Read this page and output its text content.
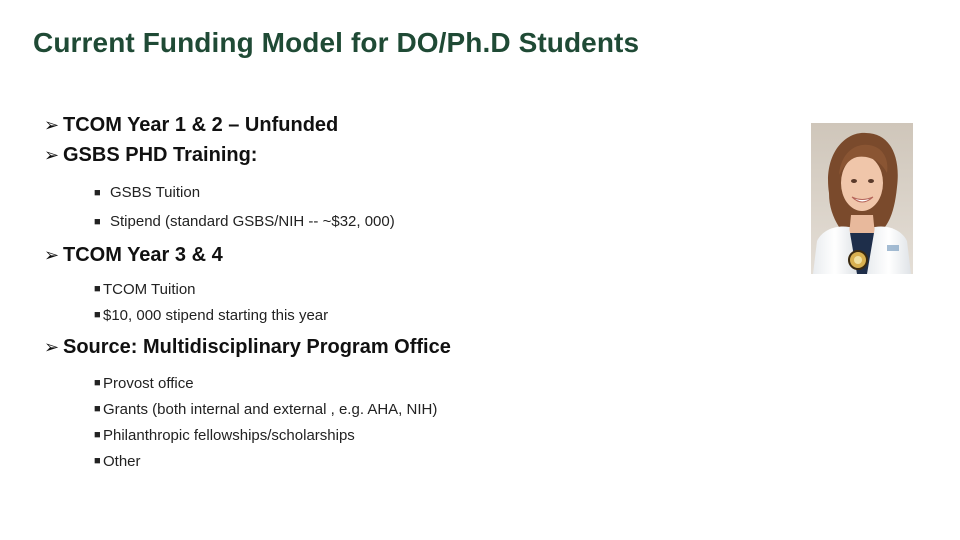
Current Funding Model for DO/Ph.D Students
➢ TCOM Year 1 & 2 – Unfunded
➢ GSBS PHD Training:
■ GSBS Tuition
■ Stipend (standard GSBS/NIH -- ~$32, 000)
➢ TCOM Year 3 & 4
■ TCOM Tuition
■ $10, 000 stipend starting this year
➢ Source: Multidisciplinary Program Office
■ Provost office
■ Grants (both internal and external , e.g. AHA, NIH)
■ Philanthropic fellowships/scholarships
■ Other
